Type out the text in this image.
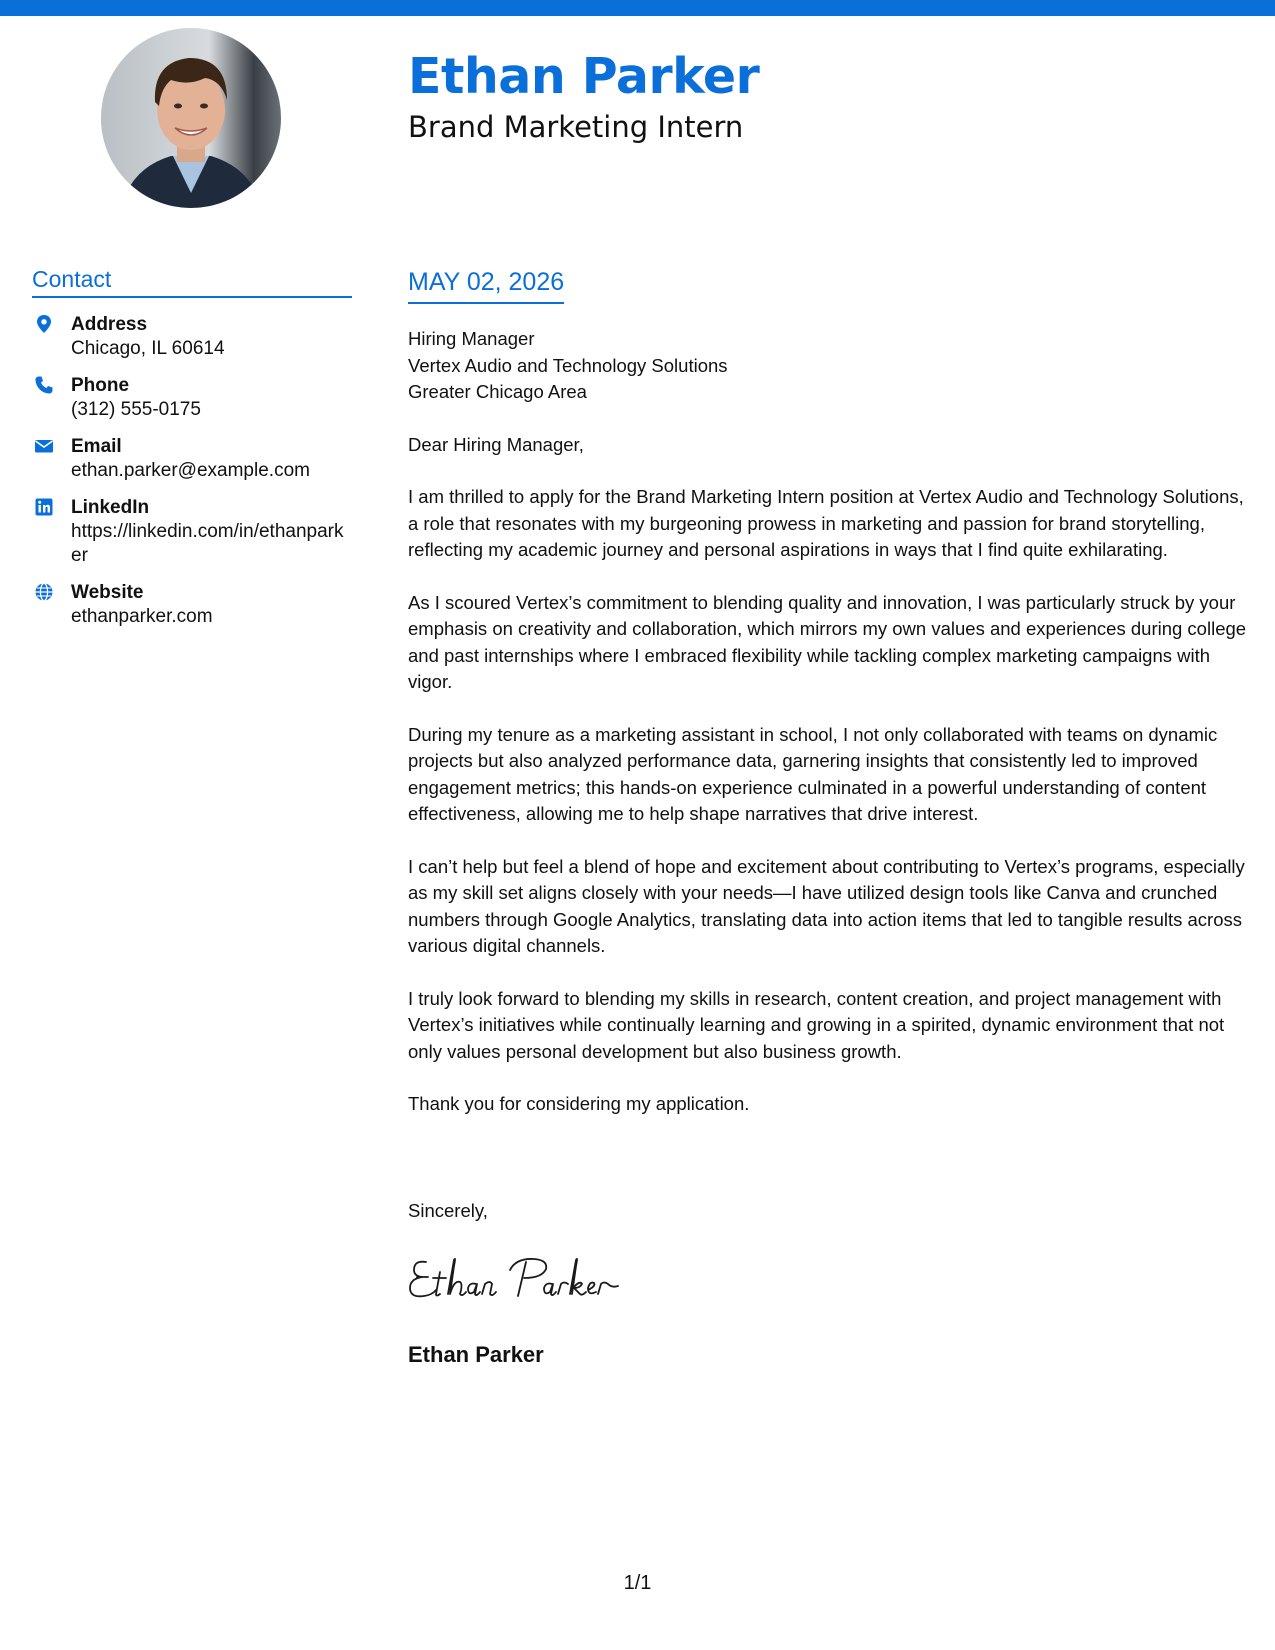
Ethan Parker
Brand Marketing Intern
Contact
Address
Chicago, IL 60614
Phone
(312) 555-0175
Email
ethan.parker@example.com
LinkedIn
https://linkedin.com/in/ethanparker
Website
ethanparker.com
MAY 02, 2026
Hiring Manager
Vertex Audio and Technology Solutions
Greater Chicago Area
Dear Hiring Manager,
I am thrilled to apply for the Brand Marketing Intern position at Vertex Audio and Technology Solutions, a role that resonates with my burgeoning prowess in marketing and passion for brand storytelling, reflecting my academic journey and personal aspirations in ways that I find quite exhilarating.
As I scoured Vertex’s commitment to blending quality and innovation, I was particularly struck by your emphasis on creativity and collaboration, which mirrors my own values and experiences during college and past internships where I embraced flexibility while tackling complex marketing campaigns with vigor.
During my tenure as a marketing assistant in school, I not only collaborated with teams on dynamic projects but also analyzed performance data, garnering insights that consistently led to improved engagement metrics; this hands-on experience culminated in a powerful understanding of content effectiveness, allowing me to help shape narratives that drive interest.
I can’t help but feel a blend of hope and excitement about contributing to Vertex’s programs, especially as my skill set aligns closely with your needs—I have utilized design tools like Canva and crunched numbers through Google Analytics, translating data into action items that led to tangible results across various digital channels.
I truly look forward to blending my skills in research, content creation, and project management with Vertex’s initiatives while continually learning and growing in a spirited, dynamic environment that not only values personal development but also business growth.
Thank you for considering my application.
Sincerely,
Ethan Parker
1/1
